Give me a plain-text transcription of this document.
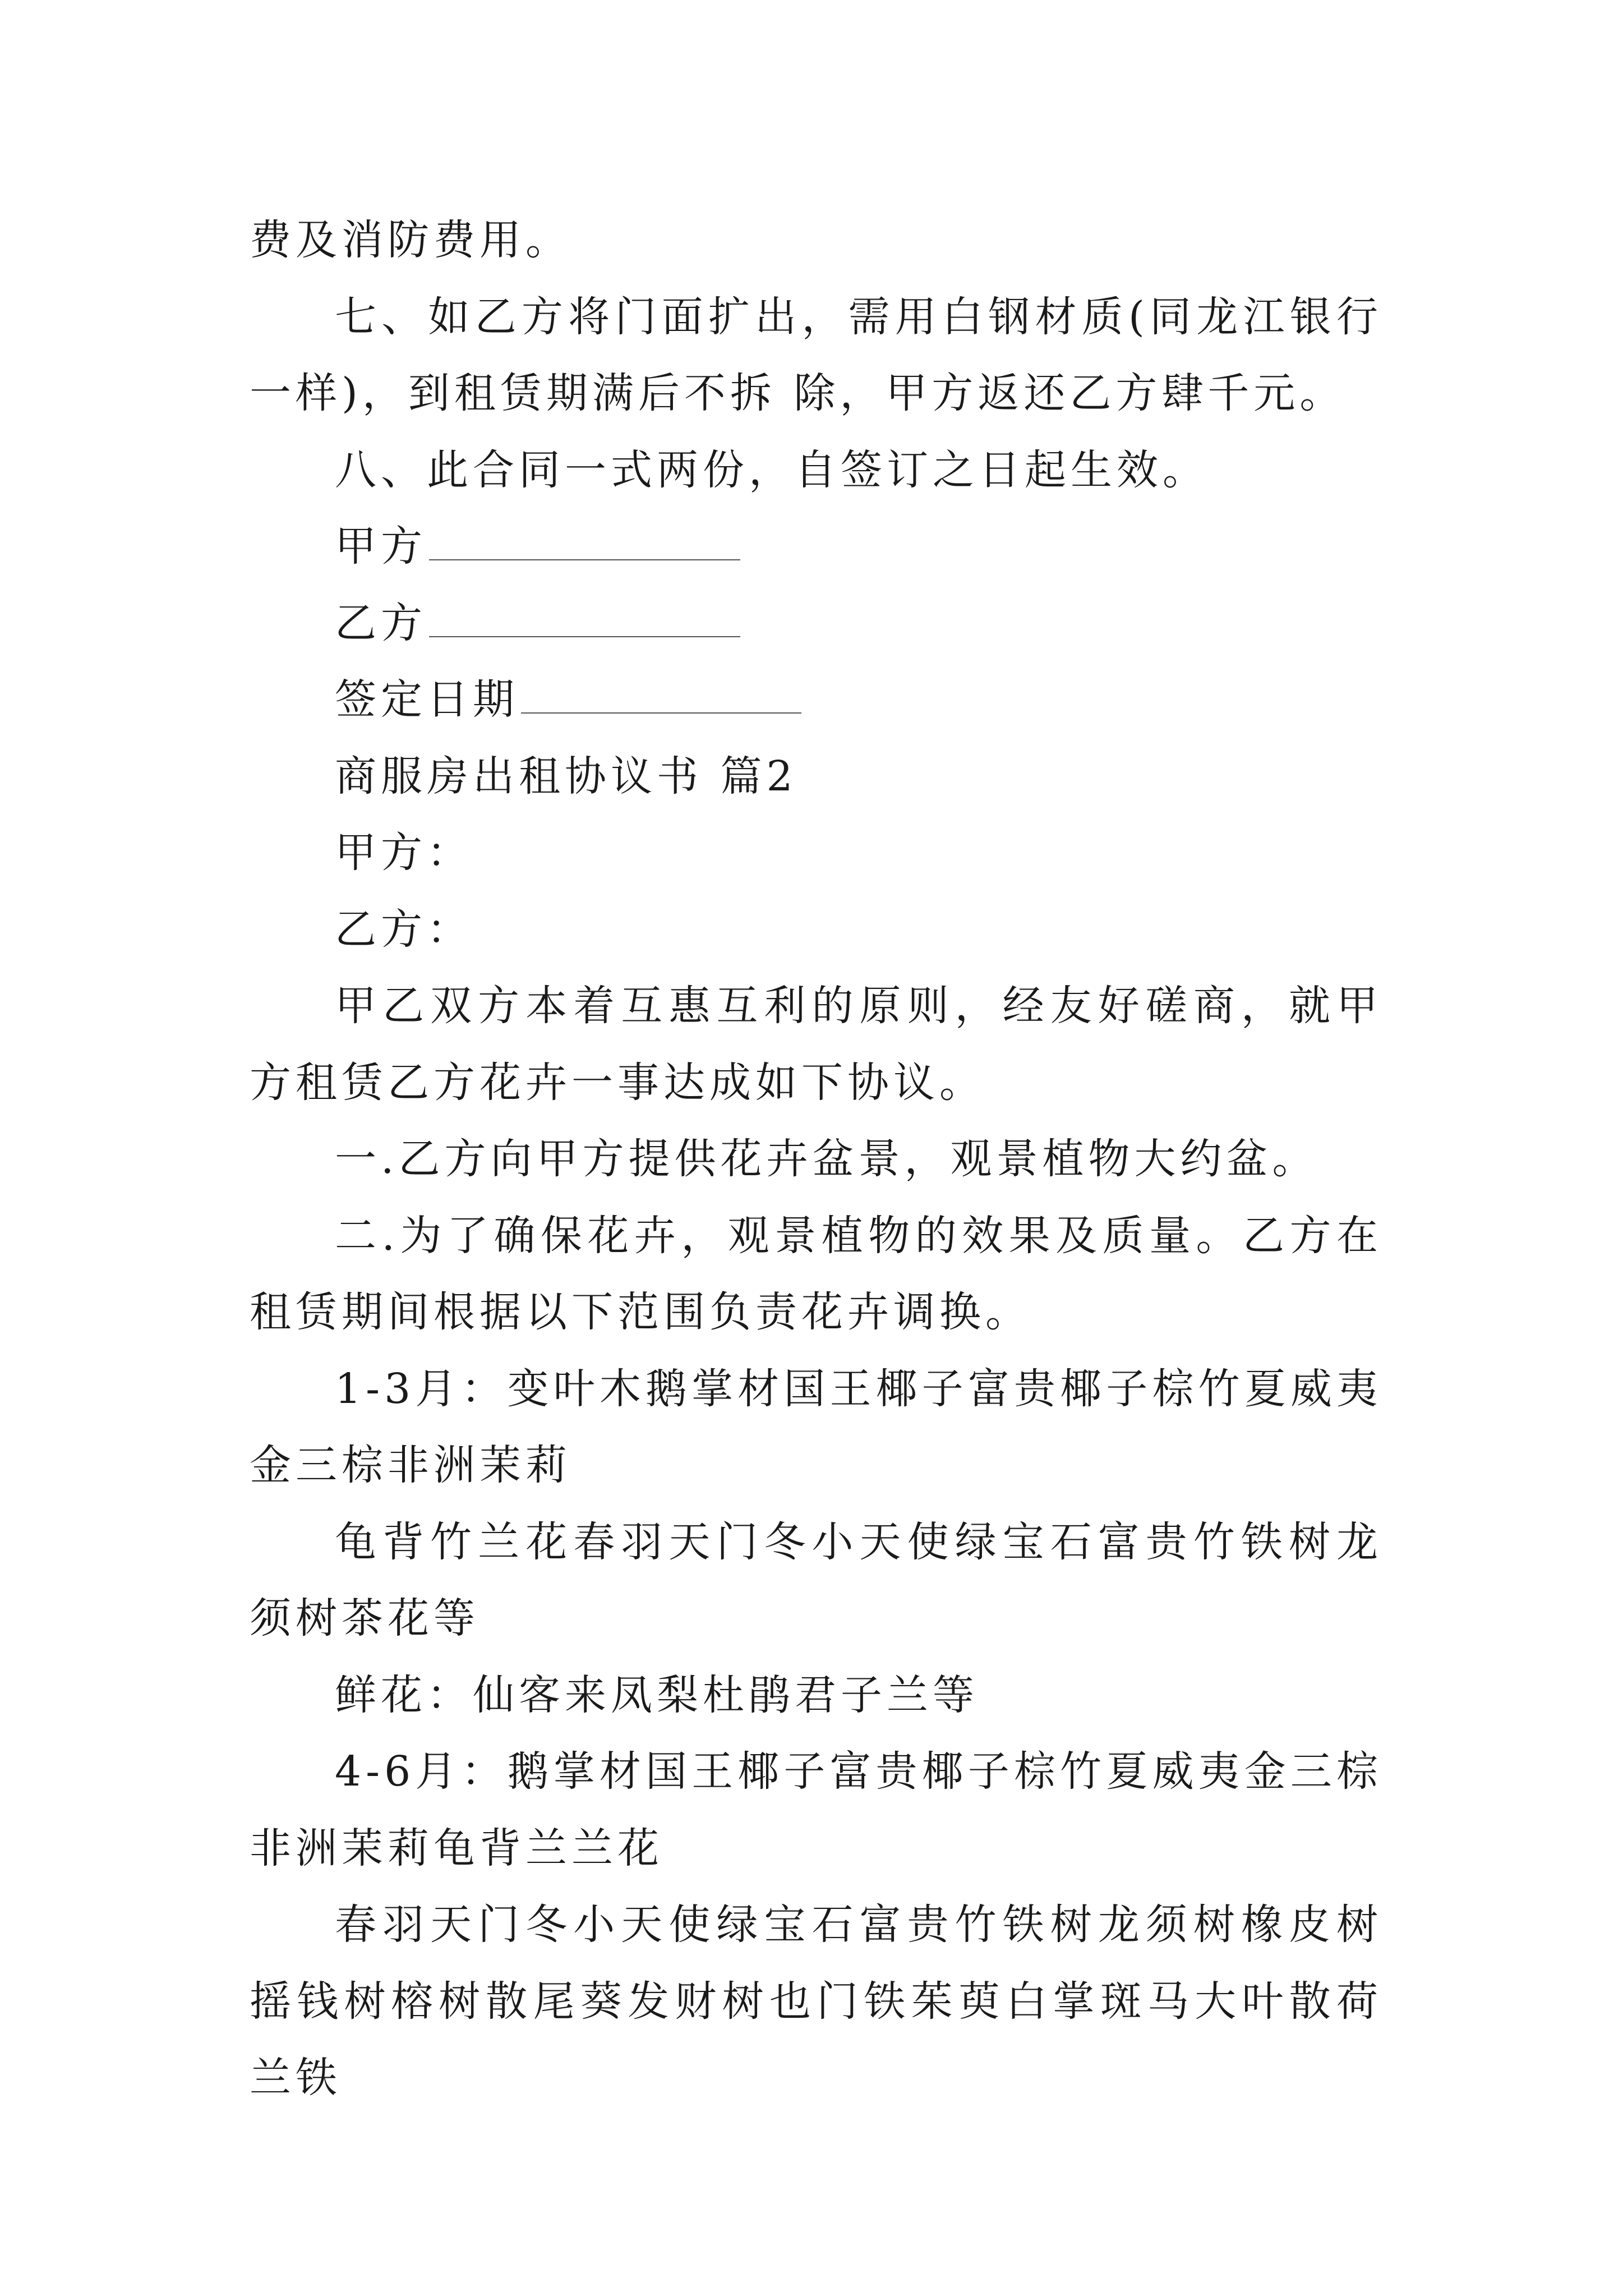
费及消防费用。

七、如乙方将门面扩出，需用白钢材质(同龙江银行一样)，到租赁期满后不拆 除，甲方返还乙方肆千元。

八、此合同一式两份，自签订之日起生效。

甲方

乙方

签定日期

商服房出租协议书 篇2

甲方：

乙方：

甲乙双方本着互惠互利的原则，经友好磋商，就甲方租赁乙方花卉一事达成如下协议。

一.乙方向甲方提供花卉盆景，观景植物大约盆。

二.为了确保花卉，观景植物的效果及质量。乙方在租赁期间根据以下范围负责花卉调换。

1-3月：变叶木鹅掌材国王椰子富贵椰子棕竹夏威夷金三棕非洲茉莉

龟背竹兰花春羽天门冬小天使绿宝石富贵竹铁树龙须树茶花等

鲜花：仙客来凤梨杜鹃君子兰等

4-6月：鹅掌材国王椰子富贵椰子棕竹夏威夷金三棕非洲茉莉龟背兰兰花

春羽天门冬小天使绿宝石富贵竹铁树龙须树橡皮树摇钱树榕树散尾葵发财树也门铁茱萸白掌斑马大叶散荷兰铁
